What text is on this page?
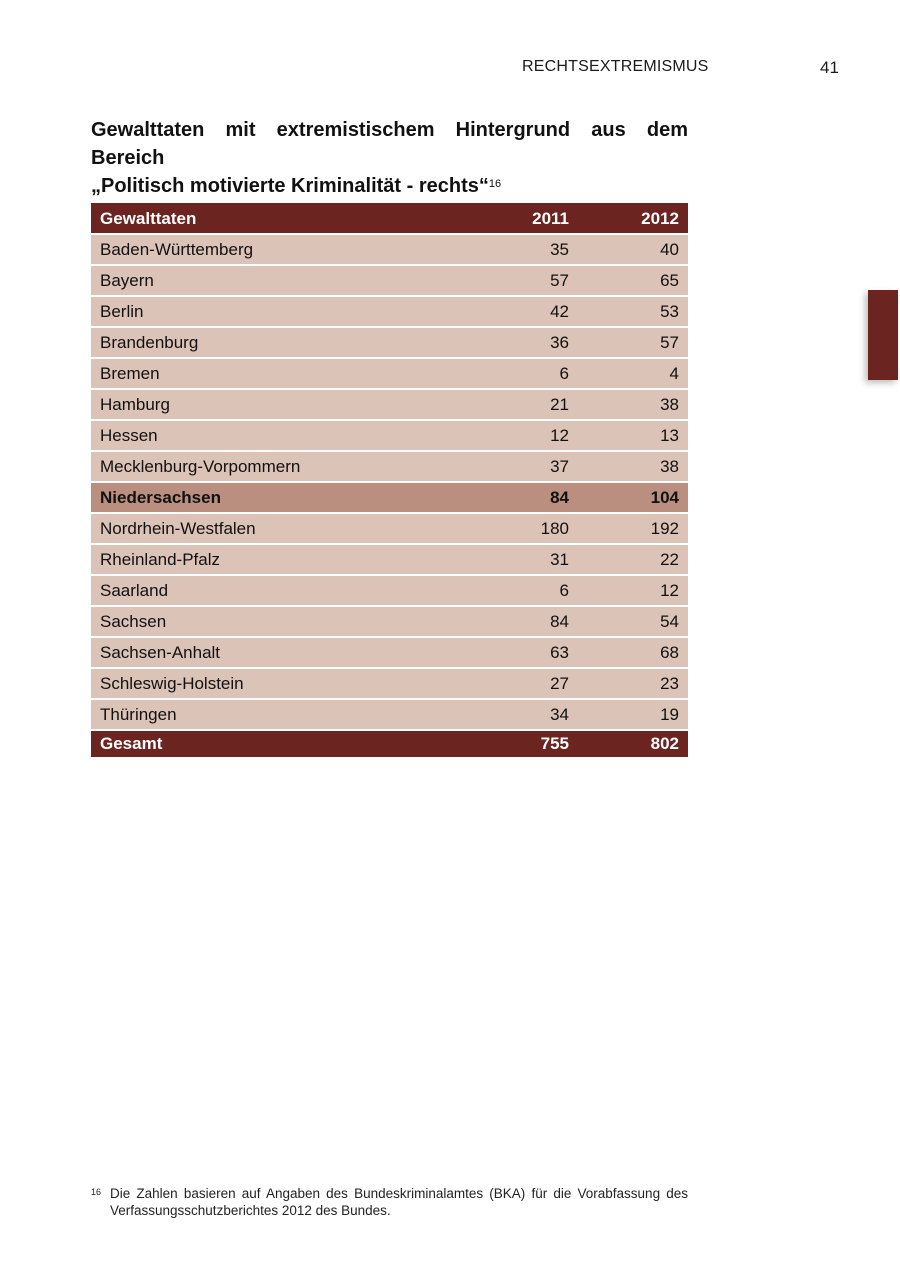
RECHTSEXTREMISMUS	41
Gewalttaten mit extremistischem Hintergrund aus dem Bereich
„Politisch motivierte Kriminalität - rechts“$^{16}$
Gewalttaten	2011	2012
Baden-Württemberg	35	40
Bayern	57	65
Berlin	42	53
Brandenburg	36	57
Bremen	6	4
Hamburg	21	38
Hessen	12	13
Mecklenburg-Vorpommern	37	38
Niedersachsen	84	104
Nordrhein-Westfalen	180	192
Rheinland-Pfalz	31	22
Saarland	6	12
Sachsen	84	54
Sachsen-Anhalt	63	68
Schleswig-Holstein	27	23
Thüringen	34	19
Gesamt	755	802
16 Die Zahlen basieren auf Angaben des Bundeskriminalamtes (BKA) für die Vorabfassung des Verfassungsschutzberichtes 2012 des Bundes.
